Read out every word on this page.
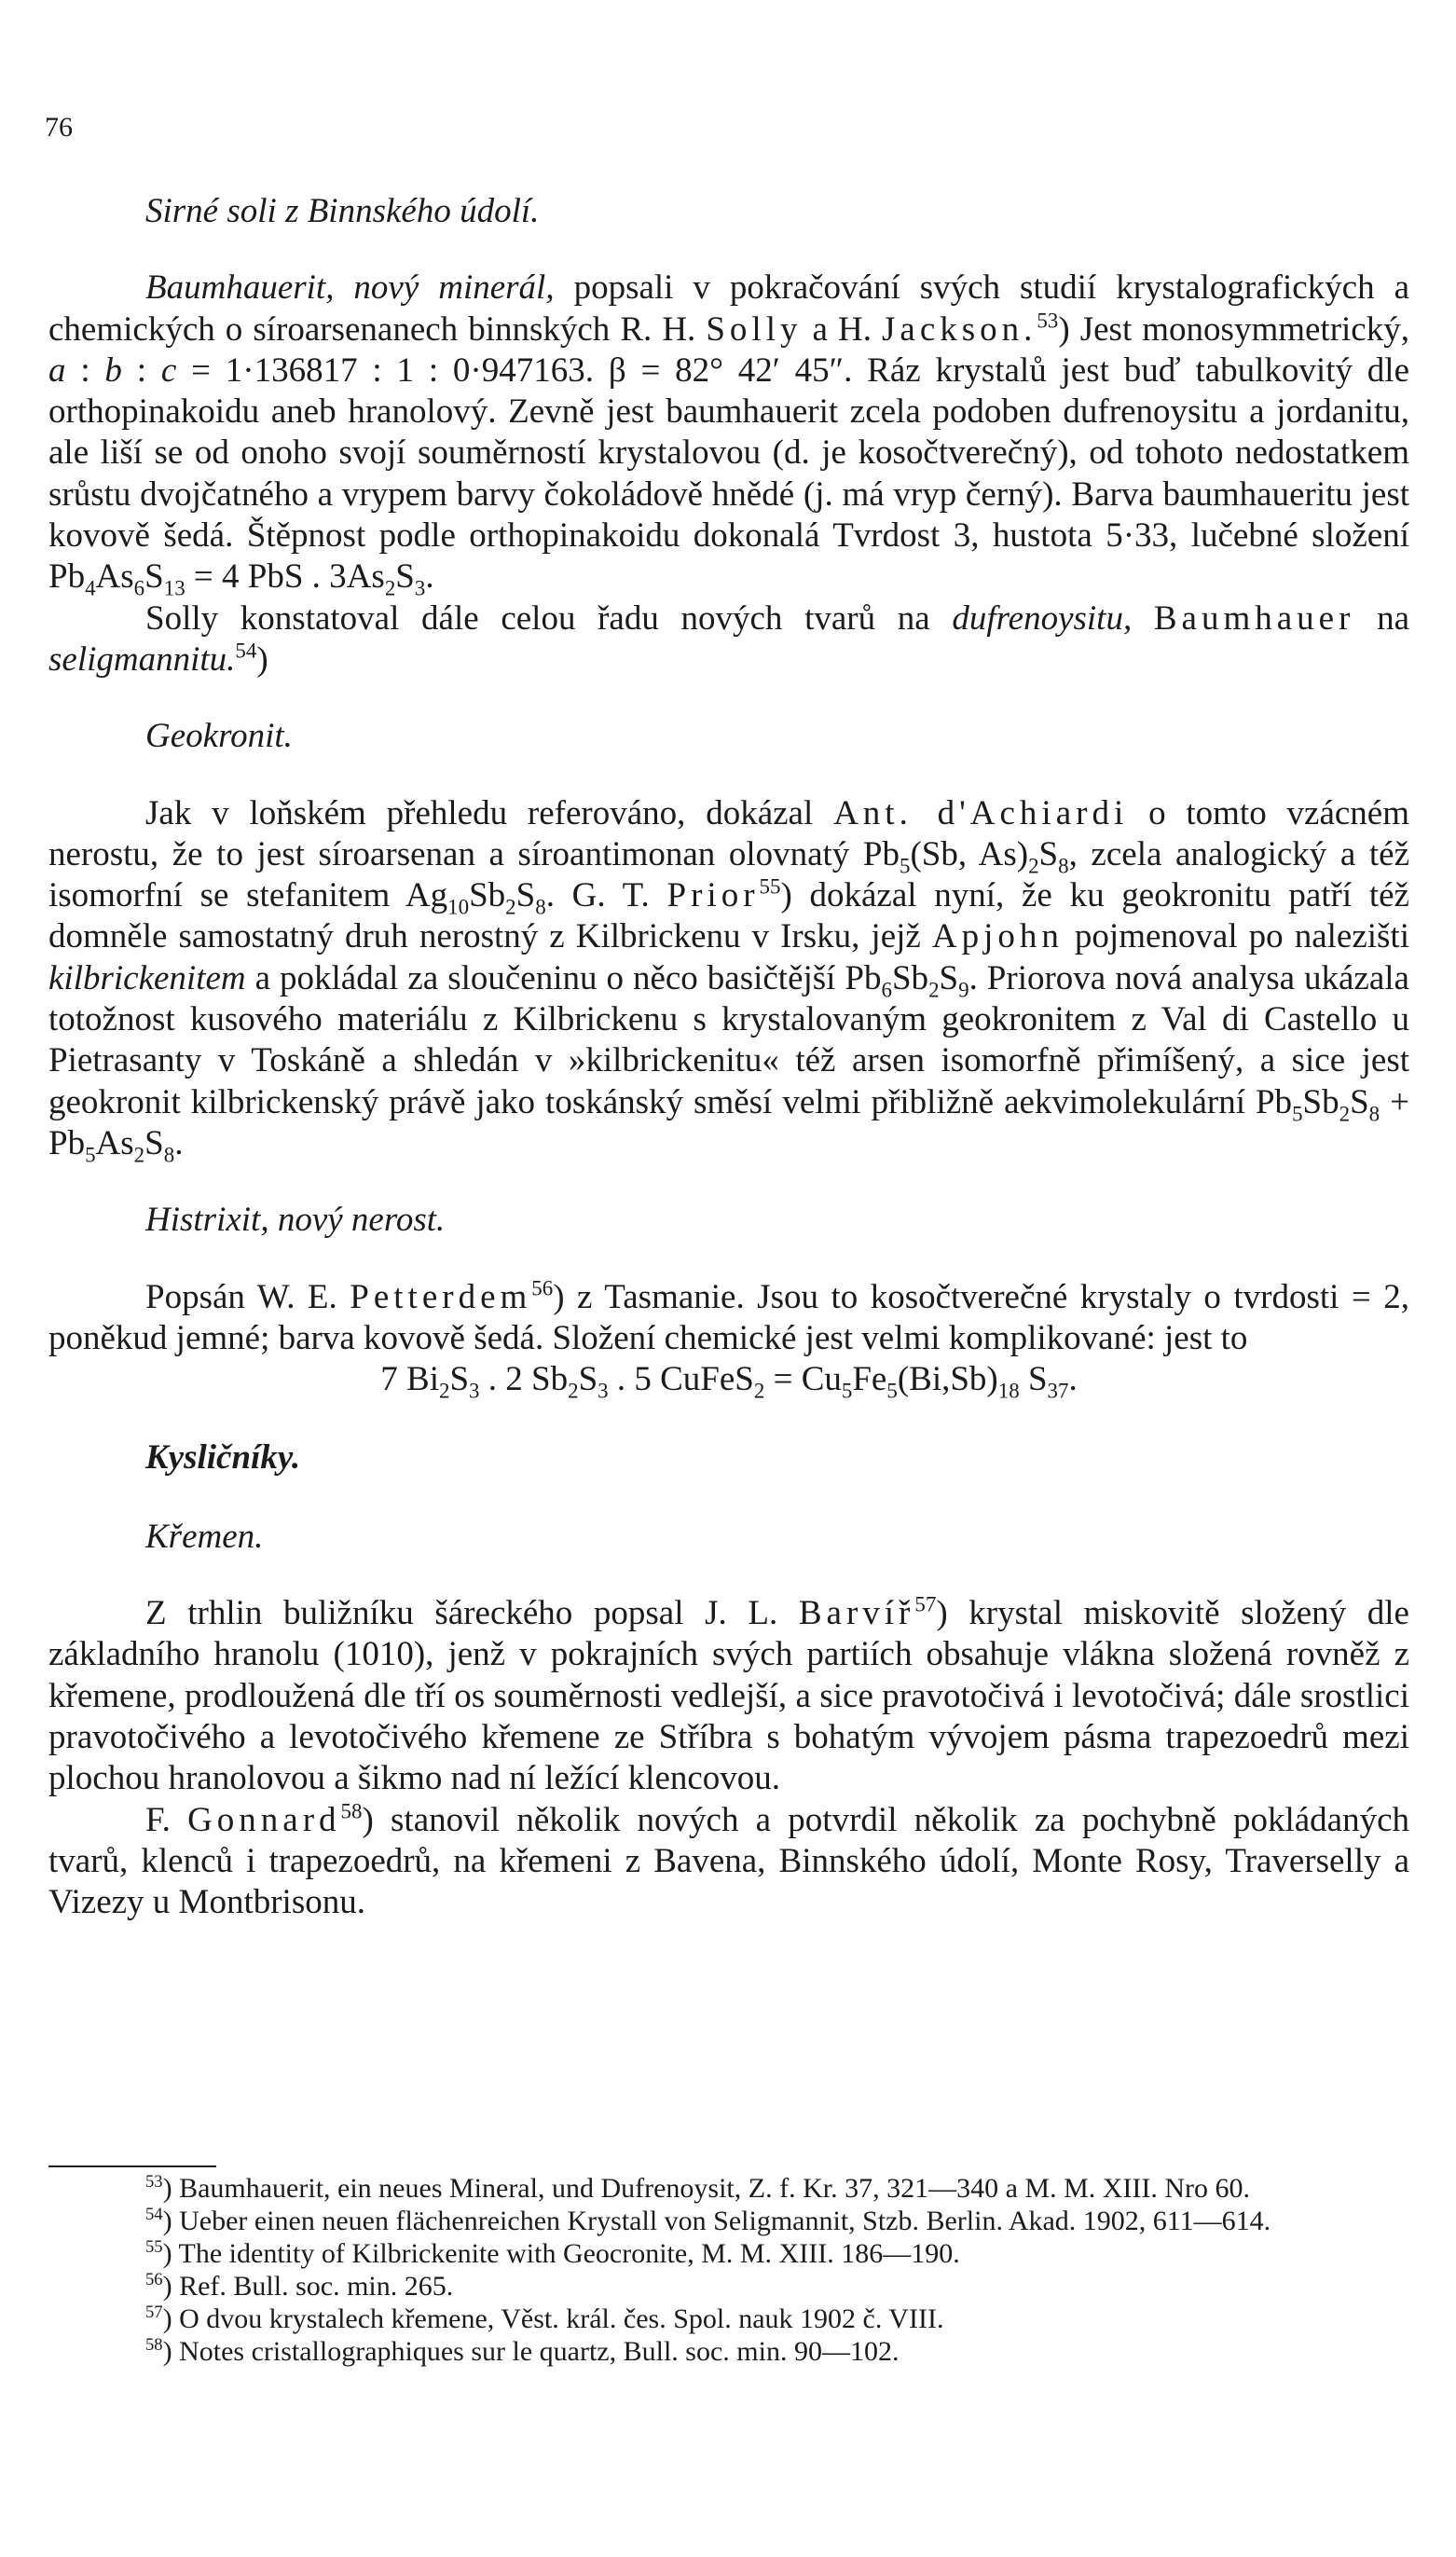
76

Sirné soli z Binnského údolí.

Baumhauerit, nový minerál, popsali v pokračování svých studií krystalografických a chemických o síroarsenanech binnských R. H. Solly a H. Jackson.$^{53}$) Jest monosymmetrický, a : b : c = 1·136817 : 1 : 0·947163. β = 82° 42′ 45″. Ráz krystalů jest buď tabulkovitý dle orthopinakoidu aneb hranolový. Zevně jest baumhauerit zcela podoben dufrenoysitu a jordanitu, ale liší se od onoho svojí souměrností krystalovou (d. je kosočtverečný), od tohoto nedostatkem srůstu dvojčatného a vrypem barvy čokoládově hnědé (j. má vryp černý). Barva baumhaueritu jest kovově šedá. Štěpnost podle orthopinakoidu dokonalá Tvrdost 3, hustota 5·33, lučebné složení $Pb_4As_6S_{13} = 4$ PbS . $3As_2S_3$.

Solly konstatoval dále celou řadu nových tvarů na dufrenoysitu, Baumhauer na seligmannitu.$^{54}$)

Geokronit.

Jak v loňském přehledu referováno, dokázal Ant. d'Achiardi o tomto vzácném nerostu, že to jest síroarsenan a síroantimonan olovnatý $Pb_5(Sb$, $As)_2S_8$, zcela analogický a též isomorfní se stefanitem $Ag_{10}Sb_2S_8$. G. T. Prior$^{55}$) dokázal nyní, že ku geokronitu patří též domněle samostatný druh nerostný z Kilbrickenu v Irsku, jejž Apjohn pojmenoval po nalezišti kilbrickenitem a pokládal za sloučeninu o něco basičtější $Pb_6Sb_2S_9$. Priorova nová analysa ukázala totožnost kusového materiálu z Kilbrickenu s krystalovaným geokronitem z Val di Castello u Pietrasanty v Toskáně a shledán v »kilbrickenitu« též arsen isomorfně přimíšený, a sice jest geokronit kilbrickenský právě jako toskánský směsí velmi přibližně aekvimolekulární $Pb_5Sb_2S_8 + Pb_5As_2S_8$.

Histrixit, nový nerost.

Popsán W. E. Petterdem$^{56}$) z Tasmanie. Jsou to kosočtverečné krystaly o tvrdosti = 2, poněkud jemné; barva kovově šedá. Složení chemické jest velmi komplikované: jest to

7 $Bi_2S_3$ . 2 $Sb_2S_3$ . 5 CuFeS$_2$ = $Cu_5Fe_5(Bi,Sb)_{18}$ $S_{37}$.

Kysličníky.

Křemen.

Z trhlin buližníku šáreckého popsal J. L. Barvíř$^{57}$) krystal miskovitě složený dle základního hranolu (1010), jenž v pokrajních svých partiích obsahuje vlákna složená rovněž z křemene, prodloužená dle tří os souměrnosti vedlejší, a sice pravotočivá i levotočivá; dále srostlici pravotočivého a levotočivého křemene ze Stříbra s bohatým vývojem pásma trapezoedrů mezi plochou hranolovou a šikmo nad ní ležící klencovou.

F. Gonnard$^{58}$) stanovil několik nových a potvrdil několik za pochybně pokládaných tvarů, klenců i trapezoedrů, na křemeni z Bavena, Binnského údolí, Monte Rosy, Traverselly a Vizezy u Montbrisonu.

$^{53}$) Baumhauerit, ein neues Mineral, und Dufrenoysit, Z. f. Kr. 37, 321—340 a M. M. XIII. Nro 60.

$^{54}$) Ueber einen neuen flächenreichen Krystall von Seligmannit, Stzb. Berlin. Akad. 1902, 611—614.

$^{55}$) The identity of Kilbrickenite with Geocronite, M. M. XIII. 186—190.

$^{56}$) Ref. Bull. soc. min. 265.

$^{57}$) O dvou krystalech křemene, Věst. král. čes. Spol. nauk 1902 č. VIII.

$^{58}$) Notes cristallographiques sur le quartz, Bull. soc. min. 90—102.
